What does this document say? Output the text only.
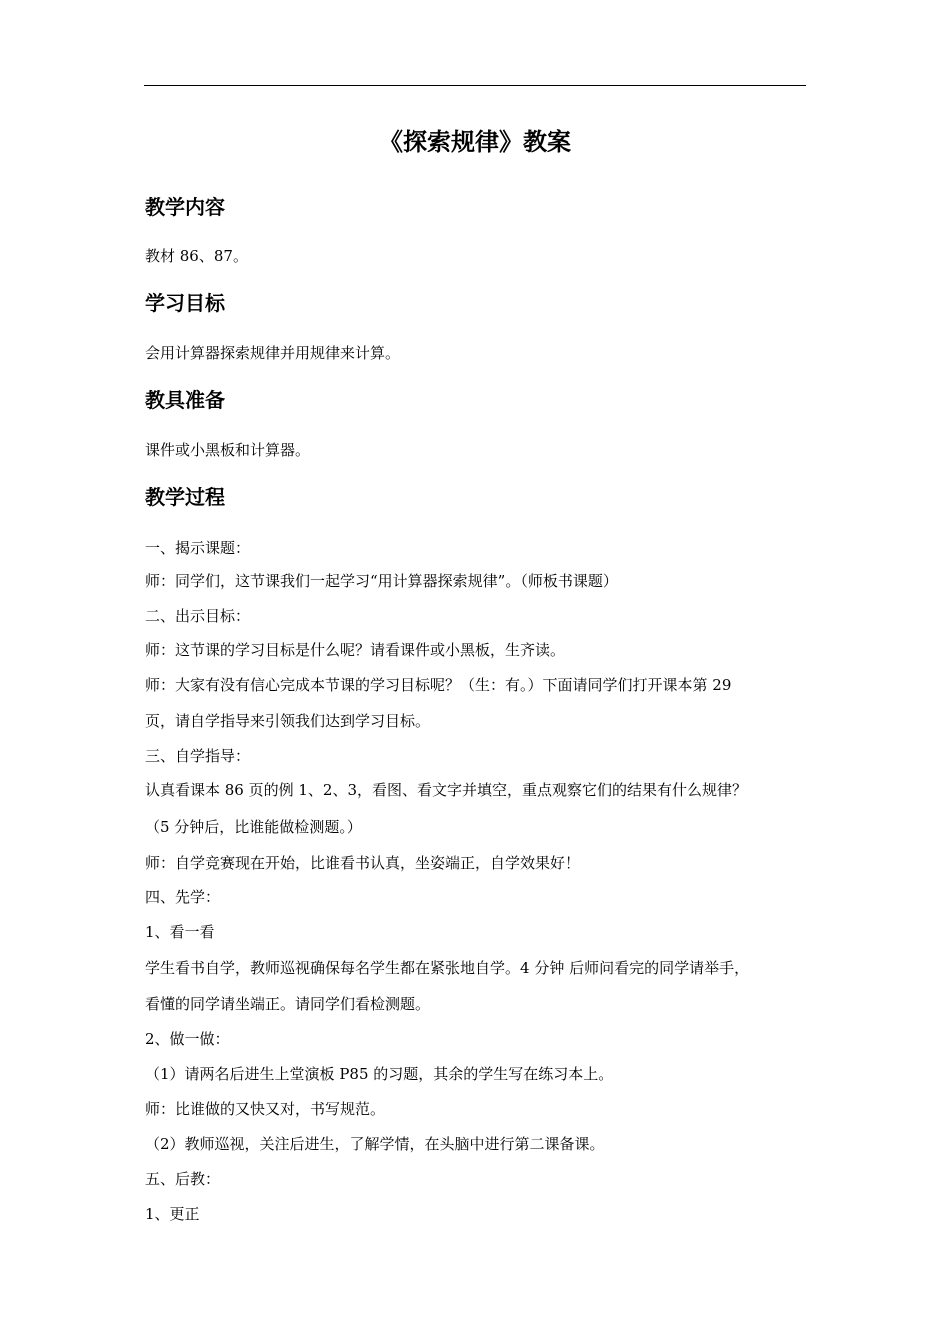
《探索规律》教案
教学内容
教材 86、87。
学习目标
会用计算器探索规律并用规律来计算。
教具准备
课件或小黑板和计算器。
教学过程
一、揭示课题：
师：同学们，这节课我们一起学习“用计算器探索规律”。（师板书课题）
二、出示目标：
师：这节课的学习目标是什么呢？请看课件或小黑板，生齐读。
师：大家有没有信心完成本节课的学习目标呢？（生：有。）下面请同学们打开课本第 29
页，请自学指导来引领我们达到学习目标。
三、自学指导：
认真看课本 86 页的例 1、2、3，看图、看文字并填空，重点观察它们的结果有什么规律？
（5 分钟后，比谁能做检测题。）
师：自学竞赛现在开始，比谁看书认真，坐姿端正，自学效果好！
四、先学：
1、看一看
学生看书自学，教师巡视确保每名学生都在紧张地自学。4 分钟 后师问看完的同学请举手，
看懂的同学请坐端正。请同学们看检测题。
2、做一做：
（1）请两名后进生上堂演板 P85 的习题，其余的学生写在练习本上。
师：比谁做的又快又对，书写规范。
（2）教师巡视，关注后进生，了解学情，在头脑中进行第二课备课。
五、后教：
1、更正
